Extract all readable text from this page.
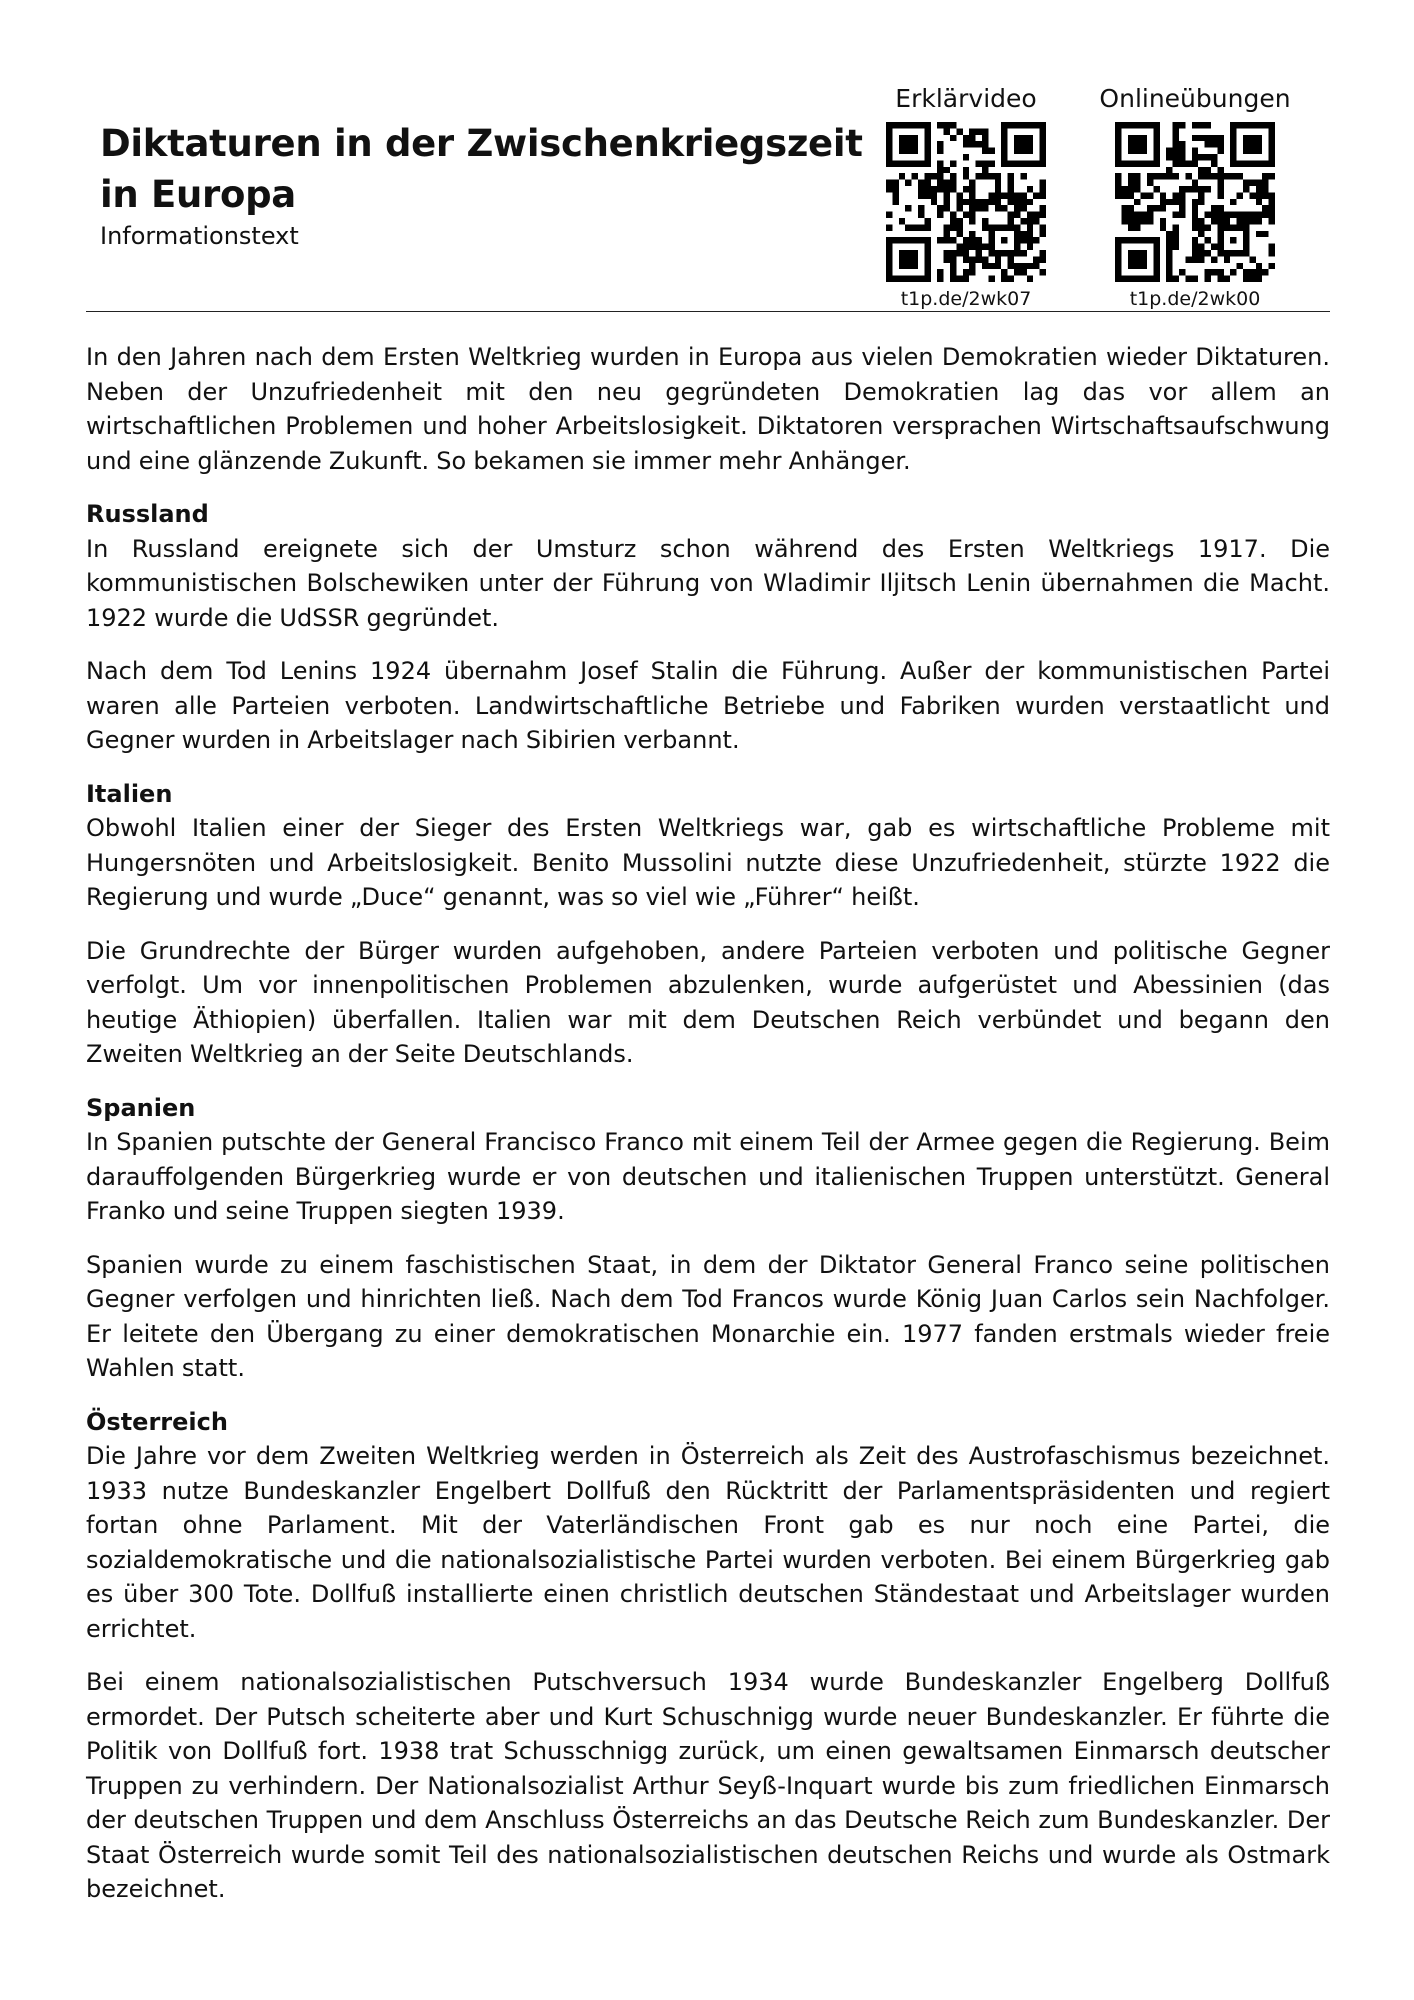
Diktaturen in der Zwischenkriegszeit
in Europa
Informationstext
Erklärvideo
t1p.de/2wk07
Onlineübungen
t1p.de/2wk00

In den Jahren nach dem Ersten Weltkrieg wurden in Europa aus vielen Demokratien wieder Diktaturen. Neben der Unzufriedenheit mit den neu gegründeten Demokratien lag das vor allem an wirtschaftlichen Problemen und hoher Arbeitslosigkeit. Diktatoren versprachen Wirtschaftsaufschwung und eine glänzende Zukunft. So bekamen sie immer mehr Anhänger.

Russland

In Russland ereignete sich der Umsturz schon während des Ersten Weltkriegs 1917. Die kommunistischen Bolschewiken unter der Führung von Wladimir Iljitsch Lenin übernahmen die Macht. 1922 wurde die UdSSR gegründet.

Nach dem Tod Lenins 1924 übernahm Josef Stalin die Führung. Außer der kommunistischen Partei waren alle Parteien verboten. Landwirtschaftliche Betriebe und Fabriken wurden verstaatlicht und Gegner wurden in Arbeitslager nach Sibirien verbannt.

Italien

Obwohl Italien einer der Sieger des Ersten Weltkriegs war, gab es wirtschaftliche Probleme mit Hungersnöten und Arbeitslosigkeit. Benito Mussolini nutzte diese Unzufriedenheit, stürzte 1922 die Regierung und wurde „Duce“ genannt, was so viel wie „Führer“ heißt.

Die Grundrechte der Bürger wurden aufgehoben, andere Parteien verboten und politische Gegner verfolgt. Um vor innenpolitischen Problemen abzulenken, wurde aufgerüstet und Abessinien (das heutige Äthiopien) überfallen. Italien war mit dem Deutschen Reich verbündet und begann den Zweiten Weltkrieg an der Seite Deutschlands.

Spanien

In Spanien putschte der General Francisco Franco mit einem Teil der Armee gegen die Regierung. Beim darauffolgenden Bürgerkrieg wurde er von deutschen und italienischen Truppen unterstützt. General Franko und seine Truppen siegten 1939.

Spanien wurde zu einem faschistischen Staat, in dem der Diktator General Franco seine politischen Gegner verfolgen und hinrichten ließ. Nach dem Tod Francos wurde König Juan Carlos sein Nachfolger. Er leitete den Übergang zu einer demokratischen Monarchie ein. 1977 fanden erstmals wieder freie Wahlen statt.

Österreich

Die Jahre vor dem Zweiten Weltkrieg werden in Österreich als Zeit des Austrofaschismus bezeichnet. 1933 nutze Bundeskanzler Engelbert Dollfuß den Rücktritt der Parlamentspräsidenten und regiert fortan ohne Parlament. Mit der Vaterländischen Front gab es nur noch eine Partei, die sozialdemokratische und die nationalsozialistische Partei wurden verboten. Bei einem Bürgerkrieg gab es über 300 Tote. Dollfuß installierte einen christlich deutschen Ständestaat und Arbeitslager wurden errichtet.

Bei einem nationalsozialistischen Putschversuch 1934 wurde Bundeskanzler Engelberg Dollfuß ermordet. Der Putsch scheiterte aber und Kurt Schuschnigg wurde neuer Bundeskanzler. Er führte die Politik von Dollfuß fort. 1938 trat Schusschnigg zurück, um einen gewaltsamen Einmarsch deutscher Truppen zu verhindern. Der Nationalsozialist Arthur Seyß-Inquart wurde bis zum friedlichen Einmarsch der deutschen Truppen und dem Anschluss Österreichs an das Deutsche Reich zum Bundeskanzler. Der Staat Österreich wurde somit Teil des nationalsozialistischen deutschen Reichs und wurde als Ostmark bezeichnet.
